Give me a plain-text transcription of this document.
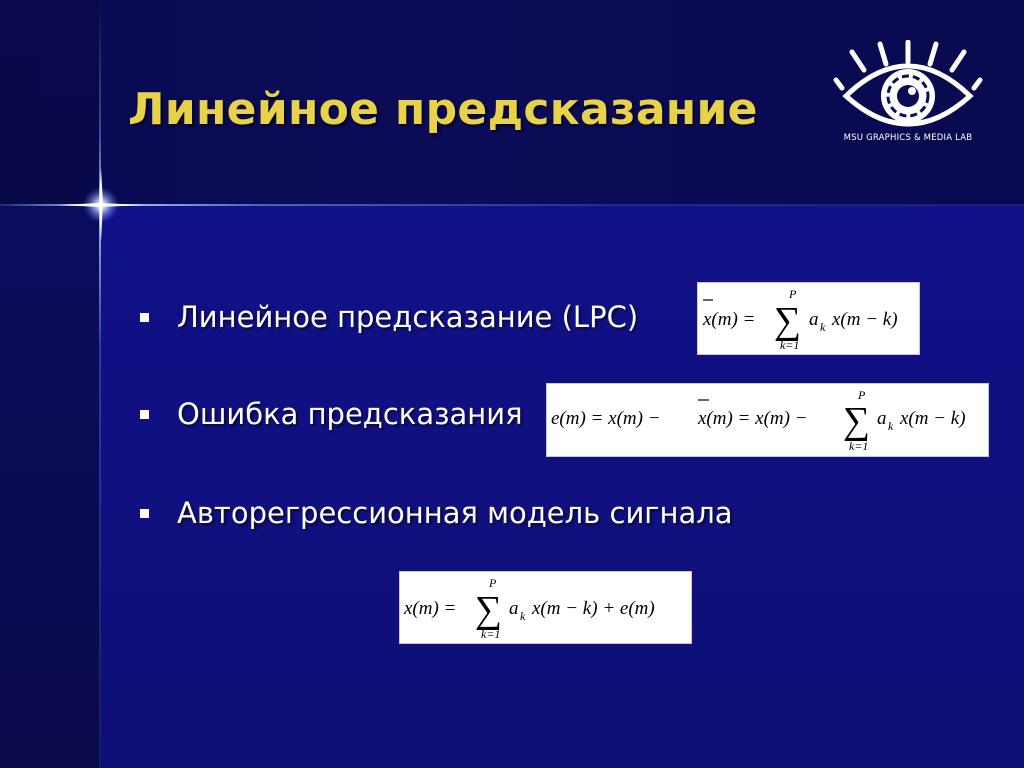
Линейное предсказание
MSU GRAPHICS & MEDIA LAB
Линейное предсказание (LPC)
Ошибка предсказания
Авторегрессионная модель сигнала
x(m) =
P
∑
k=1
a k x(m − k)
e(m) = x(m) − x(m) = x(m) −
P
∑
k=1
a k x(m − k)
x(m) =
P
∑
k=1
a k x(m − k) + e(m)
